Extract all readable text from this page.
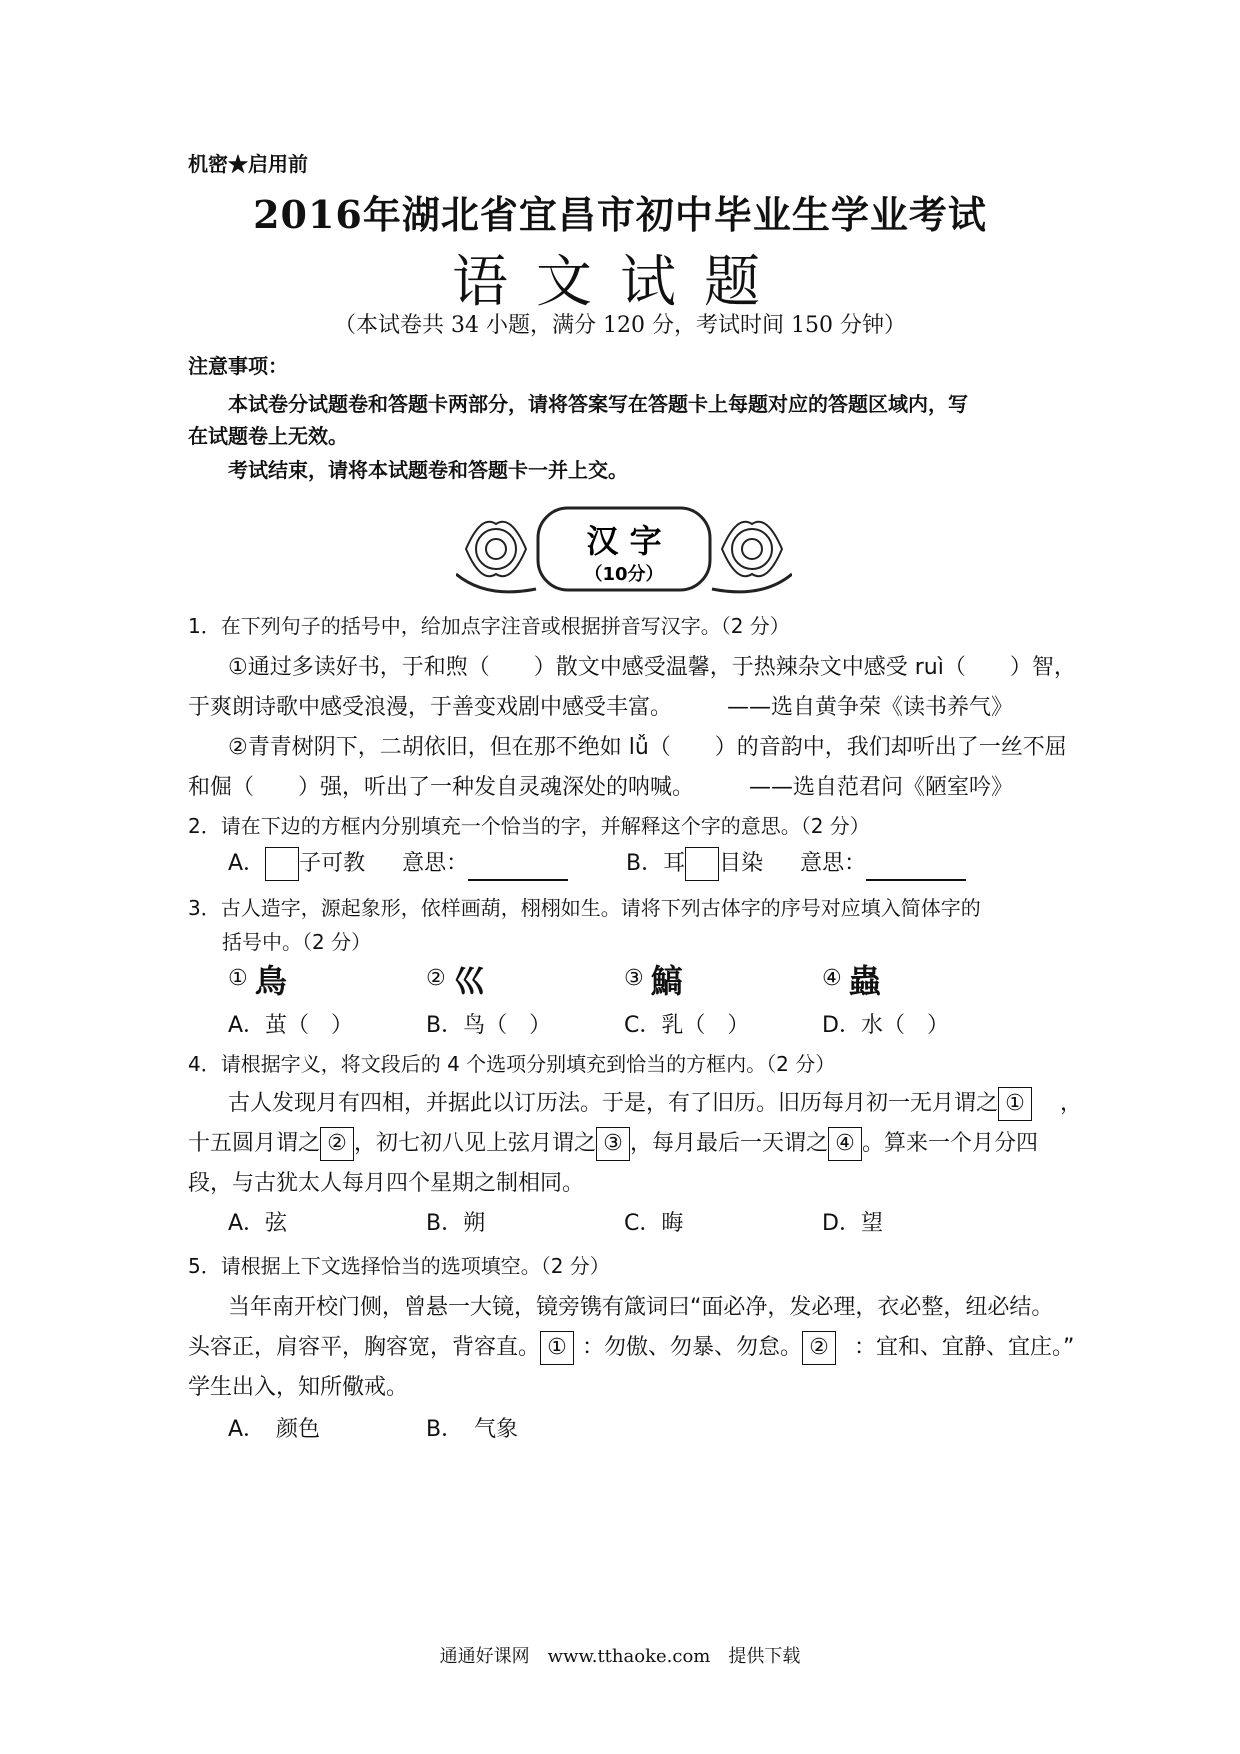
机密★启用前
2016年湖北省宜昌市初中毕业生学业考试
语文试题
（本试卷共 34 小题，满分 120 分，考试时间 150 分钟）
注意事项：
本试卷分试题卷和答题卡两部分，请将答案写在答题卡上每题对应的答题区域内，写
在试题卷上无效。
考试结束，请将本试题卷和答题卡一并上交。
汉 字
（10分）
1．在下列句子的括号中，给加点字注音或根据拼音写汉字。（2 分）
①通过多读好书，于和煦（　　）散文中感受温馨，于热辣杂文中感受 ruì（　　）智，
于爽朗诗歌中感受浪漫，于善变戏剧中感受丰富。　　　——选自黄争荣《读书养气》
②青青树阴下，二胡依旧，但在那不绝如 lǚ（　　）的音韵中，我们却听出了一丝不屈
和倔（　　）强，听出了一种发自灵魂深处的呐喊。　　　——选自范君问《陋室吟》
2．请在下边的方框内分别填充一个恰当的字，并解释这个字的意思。（2 分）
A． 子可教 意思：	B．耳 目染 意思：
3．古人造字，源起象形，依样画葫，栩栩如生。请将下列古体字的序号对应填入简体字的
括号中。（2 分）
① 鳥	② 巛	③ 鰝	④ 蟲
A．茧（　）	B．鸟（　）	C．乳（　）	D．水（　）
4．请根据字义，将文段后的 4 个选项分别填充到恰当的方框内。（2 分）
古人发现月有四相，并据此以订历法。于是，有了旧历。旧历每月初一无月谓之 ① ，
十五圆月谓之 ② ，初七初八见上弦月谓之 ③ ，每月最后一天谓之 ④ 。算来一个月分四
段，与古犹太人每月四个星期之制相同。
A．弦	B．朔	C．晦	D．望
5．请根据上下文选择恰当的选项填空。（2 分）
当年南开校门侧，曾悬一大镜，镜旁镌有箴词曰“面必净，发必理，衣必整，纽必结。
头容正，肩容平，胸容宽，背容直。 ① ：勿傲、勿暴、勿怠。 ② ：宜和、宜静、宜庄。”
学生出入，知所儆戒。
A．　颜色	B．　气象
通通好课网　www.tthaoke.com　提供下载
